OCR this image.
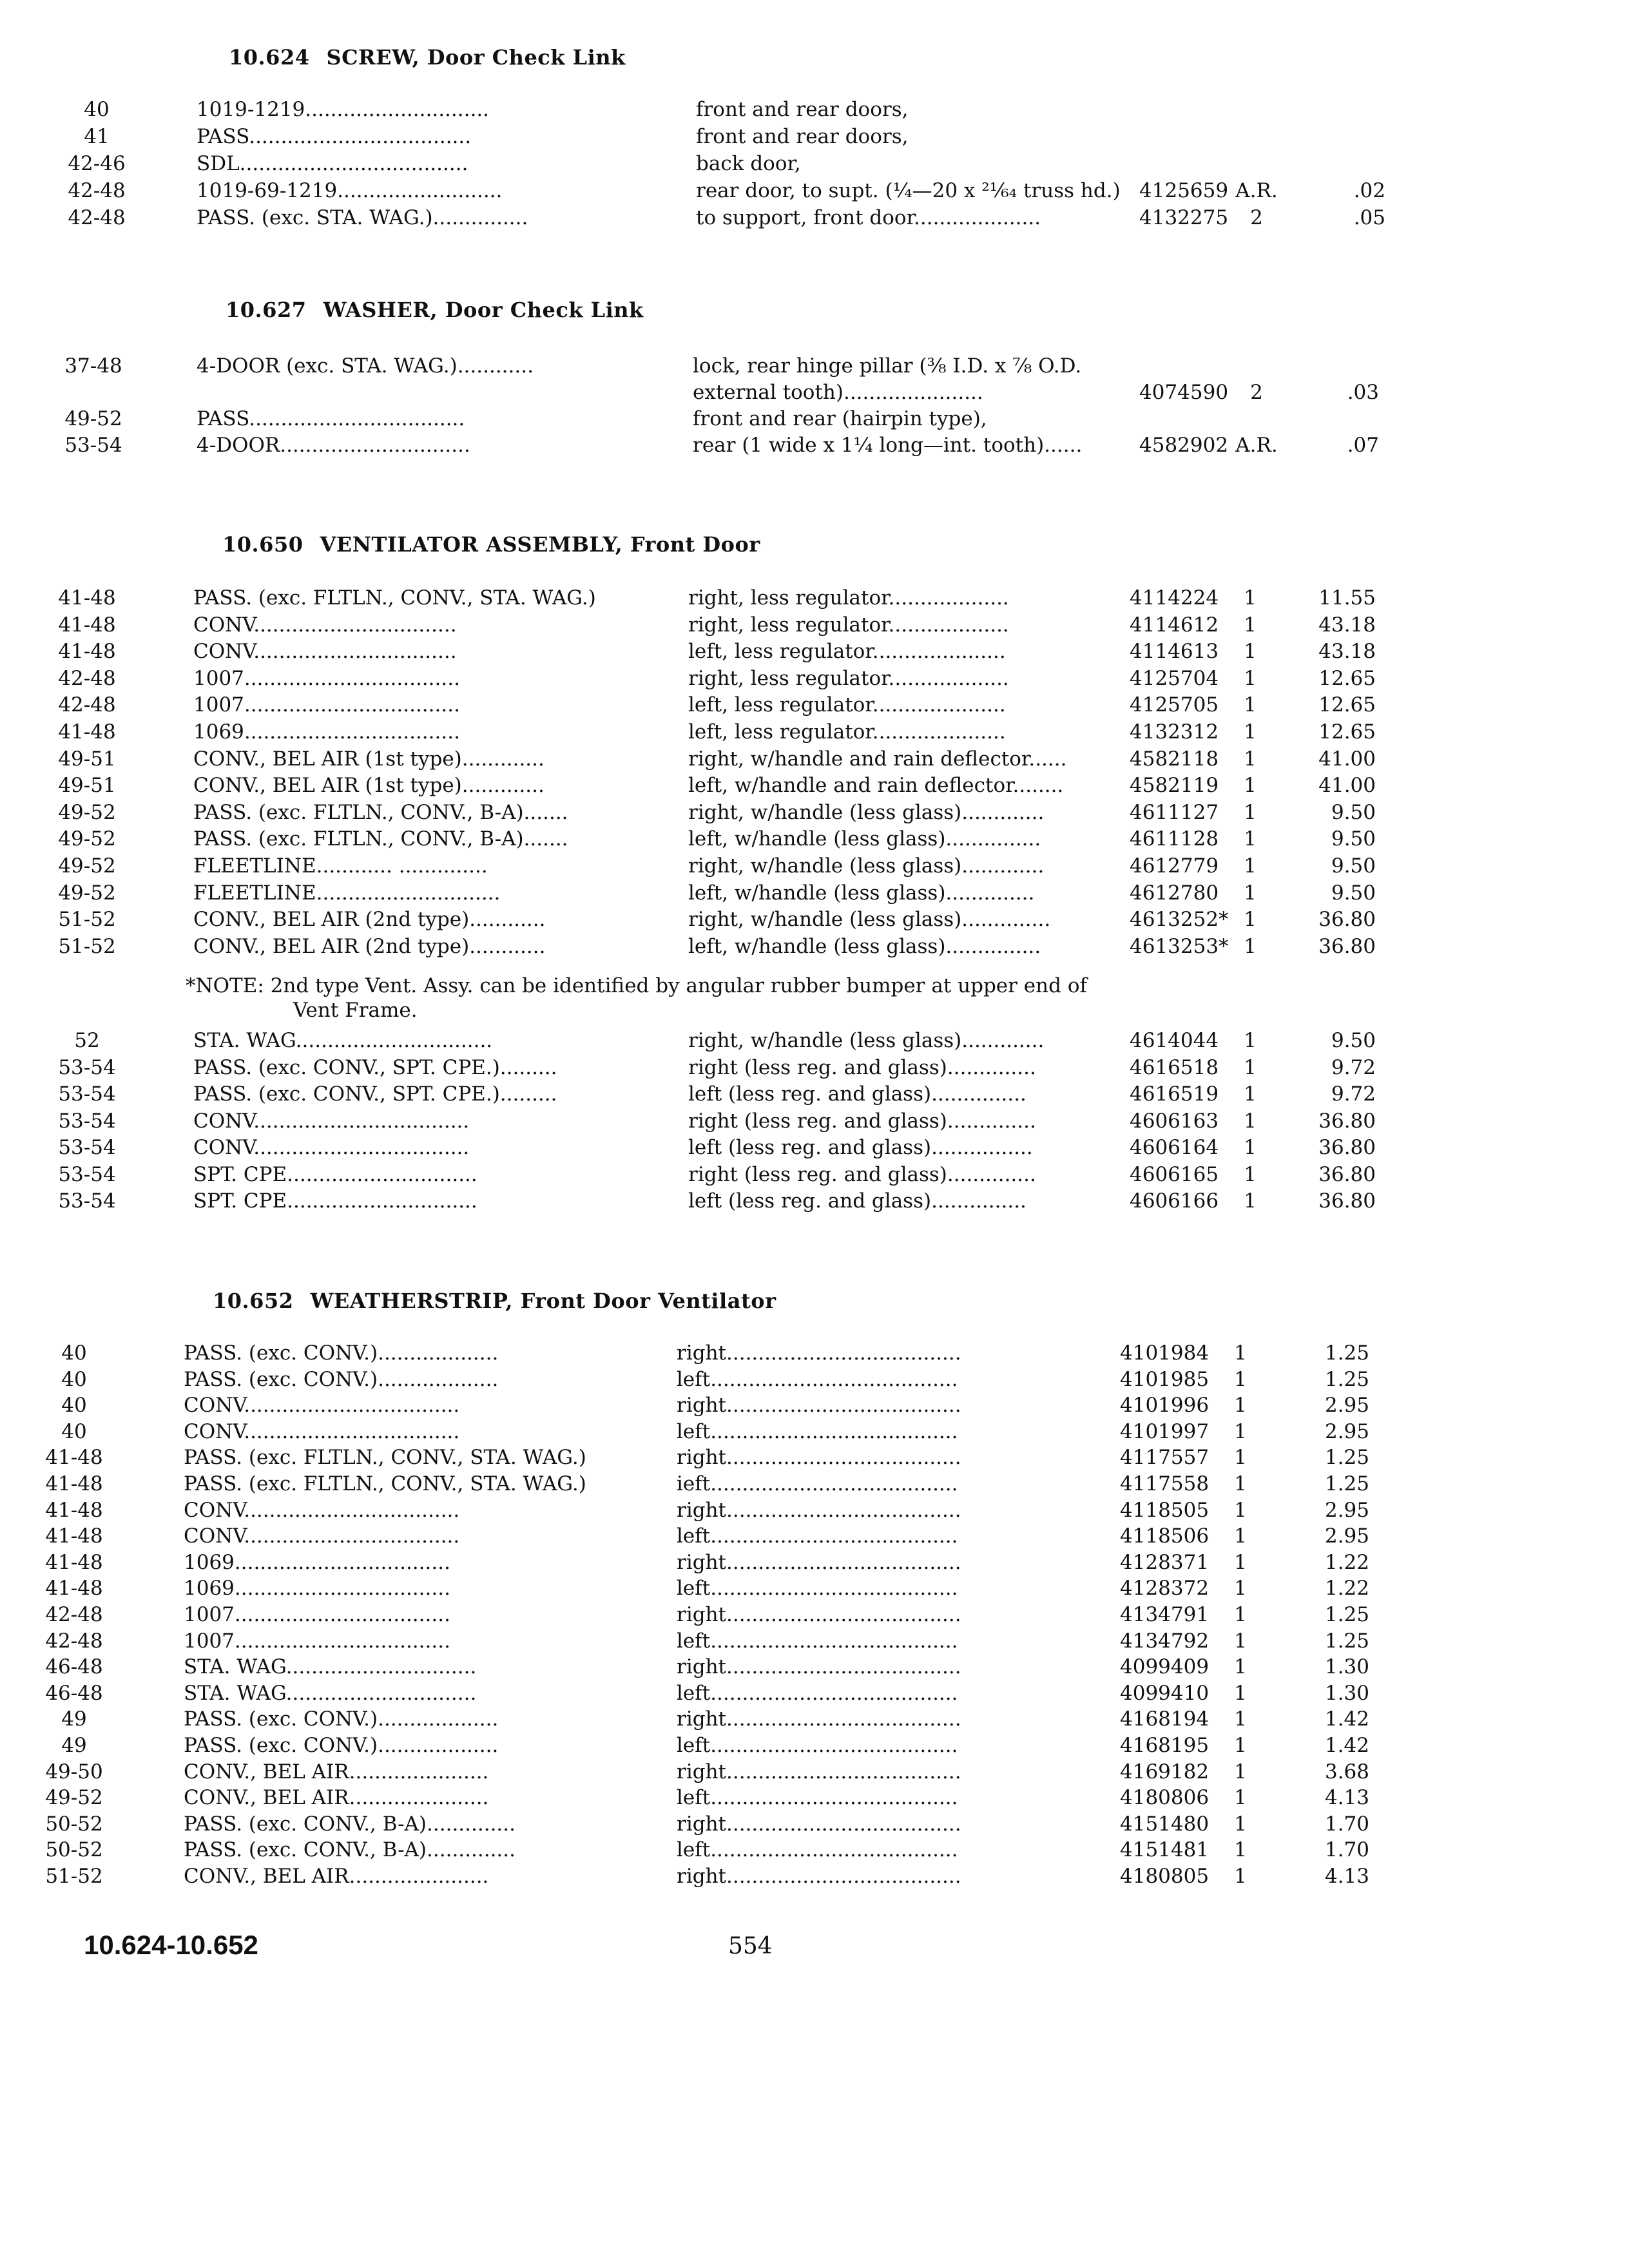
10.624 SCREW, Door Check Link
40	1019-1219.............................	front and rear doors,
41	PASS...................................	front and rear doors,
42-46	SDL....................................	back door,
42-48	1019-69-1219..........................	rear door, to supt. (¼—20 x ²¹⁄₆₄ truss hd.) 4125659 A.R.	.02
42-48	PASS. (exc. STA. WAG.)...............	to support, front door....................	4132275	2	.05
10.627 WASHER, Door Check Link
37-48	4-DOOR (exc. STA. WAG.)............	lock, rear hinge pillar (⅜ I.D. x ⅞ O.D.
external tooth)......................	4074590	2	.03
49-52	PASS..................................	front and rear (hairpin type),
53-54	4-DOOR..............................	rear (1 wide x 1¼ long—int. tooth)......	4582902 A.R.	.07
10.650 VENTILATOR ASSEMBLY, Front Door
41-48	PASS. (exc. FLTLN., CONV., STA. WAG.)	right, less regulator...................	4114224	1	11.55
41-48	CONV................................	right, less regulator...................	4114612	1	43.18
41-48	CONV................................	left, less regulator.....................	4114613	1	43.18
42-48	1007..................................	right, less regulator...................	4125704	1	12.65
42-48	1007..................................	left, less regulator.....................	4125705	1	12.65
41-48	1069..................................	left, less regulator.....................	4132312	1	12.65
49-51	CONV., BEL AIR (1st type).............	right, w/handle and rain deflector......	4582118	1	41.00
49-51	CONV., BEL AIR (1st type).............	left, w/handle and rain deflector........	4582119	1	41.00
49-52	PASS. (exc. FLTLN., CONV., B-A).......	right, w/handle (less glass).............	4611127	1	9.50
49-52	PASS. (exc. FLTLN., CONV., B-A).......	left, w/handle (less glass)...............	4611128	1	9.50
49-52	FLEETLINE............ ..............	right, w/handle (less glass).............	4612779	1	9.50
49-52	FLEETLINE.............................	left, w/handle (less glass)..............	4612780	1	9.50
51-52	CONV., BEL AIR (2nd type)............	right, w/handle (less glass)..............	4613252* 1	36.80
51-52	CONV., BEL AIR (2nd type)............	left, w/handle (less glass)...............	4613253* 1	36.80
*NOTE: 2nd type Vent. Assy. can be identified by angular rubber bumper at upper end of
Vent Frame.
52	STA. WAG...............................	right, w/handle (less glass).............	4614044	1	9.50
53-54	PASS. (exc. CONV., SPT. CPE.).........	right (less reg. and glass)..............	4616518	1	9.72
53-54	PASS. (exc. CONV., SPT. CPE.).........	left (less reg. and glass)...............	4616519	1	9.72
53-54	CONV..................................	right (less reg. and glass)..............	4606163	1	36.80
53-54	CONV..................................	left (less reg. and glass)................	4606164	1	36.80
53-54	SPT. CPE..............................	right (less reg. and glass)..............	4606165	1	36.80
53-54	SPT. CPE..............................	left (less reg. and glass)...............	4606166	1	36.80
10.652 WEATHERSTRIP, Front Door Ventilator
40	PASS. (exc. CONV.)...................	right.....................................	4101984	1	1.25
40	PASS. (exc. CONV.)...................	left.......................................	4101985	1	1.25
40	CONV..................................	right.....................................	4101996	1	2.95
40	CONV..................................	left.......................................	4101997	1	2.95
41-48	PASS. (exc. FLTLN., CONV., STA. WAG.)	right.....................................	4117557	1	1.25
41-48	PASS. (exc. FLTLN., CONV., STA. WAG.)	ieft.......................................	4117558	1	1.25
41-48	CONV..................................	right.....................................	4118505	1	2.95
41-48	CONV..................................	left.......................................	4118506	1	2.95
41-48	1069..................................	right.....................................	4128371	1	1.22
41-48	1069..................................	left.......................................	4128372	1	1.22
42-48	1007..................................	right.....................................	4134791	1	1.25
42-48	1007..................................	left.......................................	4134792	1	1.25
46-48	STA. WAG..............................	right.....................................	4099409	1	1.30
46-48	STA. WAG..............................	left.......................................	4099410	1	1.30
49	PASS. (exc. CONV.)...................	right.....................................	4168194	1	1.42
49	PASS. (exc. CONV.)...................	left.......................................	4168195	1	1.42
49-50	CONV., BEL AIR......................	right.....................................	4169182	1	3.68
49-52	CONV., BEL AIR......................	left.......................................	4180806	1	4.13
50-52	PASS. (exc. CONV., B-A)..............	right.....................................	4151480	1	1.70
50-52	PASS. (exc. CONV., B-A)..............	left.......................................	4151481	1	1.70
51-52	CONV., BEL AIR......................	right.....................................	4180805	1	4.13
10.624-10.652	554
